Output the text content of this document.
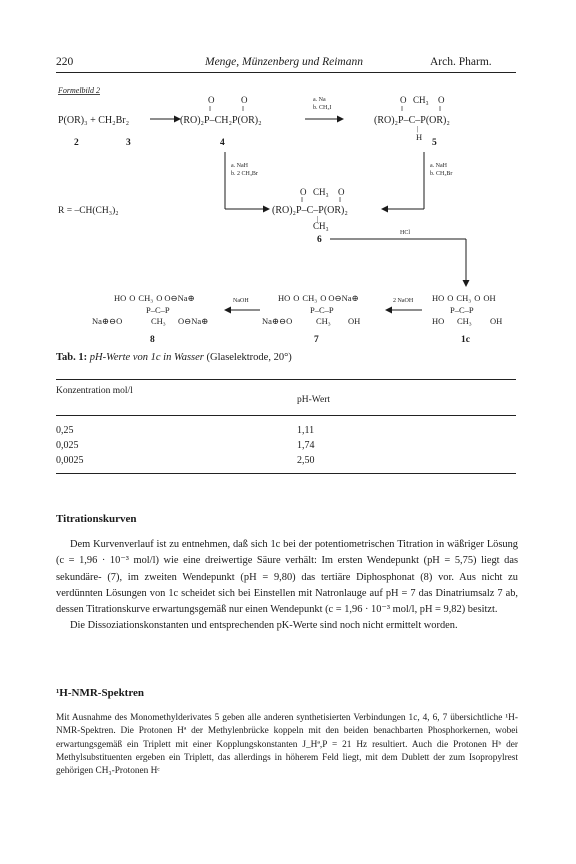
220	Menge, Münzenberg und Reimann	Arch. Pharm.
Formelbild 2
P(OR)₃ + CH₂Br₂
2	3
O	O
‖	‖
(RO)₂P–CH₂P(OR)₂
4
a. Na
b. CH₃I
O CH₃ O
‖	‖
(RO)₂P–C–P(OR)₂
|
H
5
a. NaH
b. 2 CH₃Br
a. NaH
b. CH₃Br
R = –CH(CH₃)₂
O CH₃ O
‖	‖
(RO)₂P–C–P(OR)₂
|
CH₃
6
HCl
HO O CH₃ O O⊖Na⊕
P–C–P
Na⊕⊖O	CH₃ O⊖Na⊕
8
NaOH	HO O CH₃ O O⊖Na⊕
P–C–P
Na⊕⊖O	CH₃ OH
7
2 NaOH HO O CH₃ O OH
P–C–P
HO CH₃ OH
1c
Tab. 1: pH-Werte von 1c in Wasser (Glaselektrode, 20°)
Konzentration mol/l
pH-Wert
0,25	1,11
0,025	1,74
0,0025	2,50
Titrationskurven

Dem Kurvenverlauf ist zu entnehmen, daß sich 1c bei der potentiometrischen Titration in wäßriger Lösung (c = 1,96 · 10⁻³ mol/l) wie eine dreiwertige Säure verhält: Im ersten Wendepunkt (pH = 5,75) liegt das sekundäre- (7), im zweiten Wendepunkt (pH = 9,80) das tertiäre Diphosphonat (8) vor. Aus nicht zu verdünnten Lösungen von 1c scheidet sich bei Einstellen mit Natronlauge auf pH = 7 das Dinatriumsalz 7 ab, dessen Titrationskurve erwartungsgemäß nur einen Wendepunkt (c = 1,96 · 10⁻³ mol/l, pH = 9,82) besitzt.

Die Dissoziationskonstanten und entsprechenden pK-Werte sind noch nicht ermittelt worden.

¹H-NMR-Spektren
Mit Ausnahme des Monomethylderivates 5 geben alle anderen synthetisierten Verbindungen 1c, 4, 6, 7 übersichtliche ¹H-NMR-Spektren. Die Protonen Hª der Methylenbrücke koppeln mit den beiden benachbarten Phosphorkernen, wobei erwartungsgemäß ein Triplett mit einer Kopplungskonstanten J_Hª,P = 21 Hz resultiert. Auch die Protonen Hᵇ der Methylsubstituenten ergeben ein Triplett, das allerdings in höherem Feld liegt, mit dem Dublett der zum Isopropylrest gehörigen CH₃-Protonen Hᶜ
